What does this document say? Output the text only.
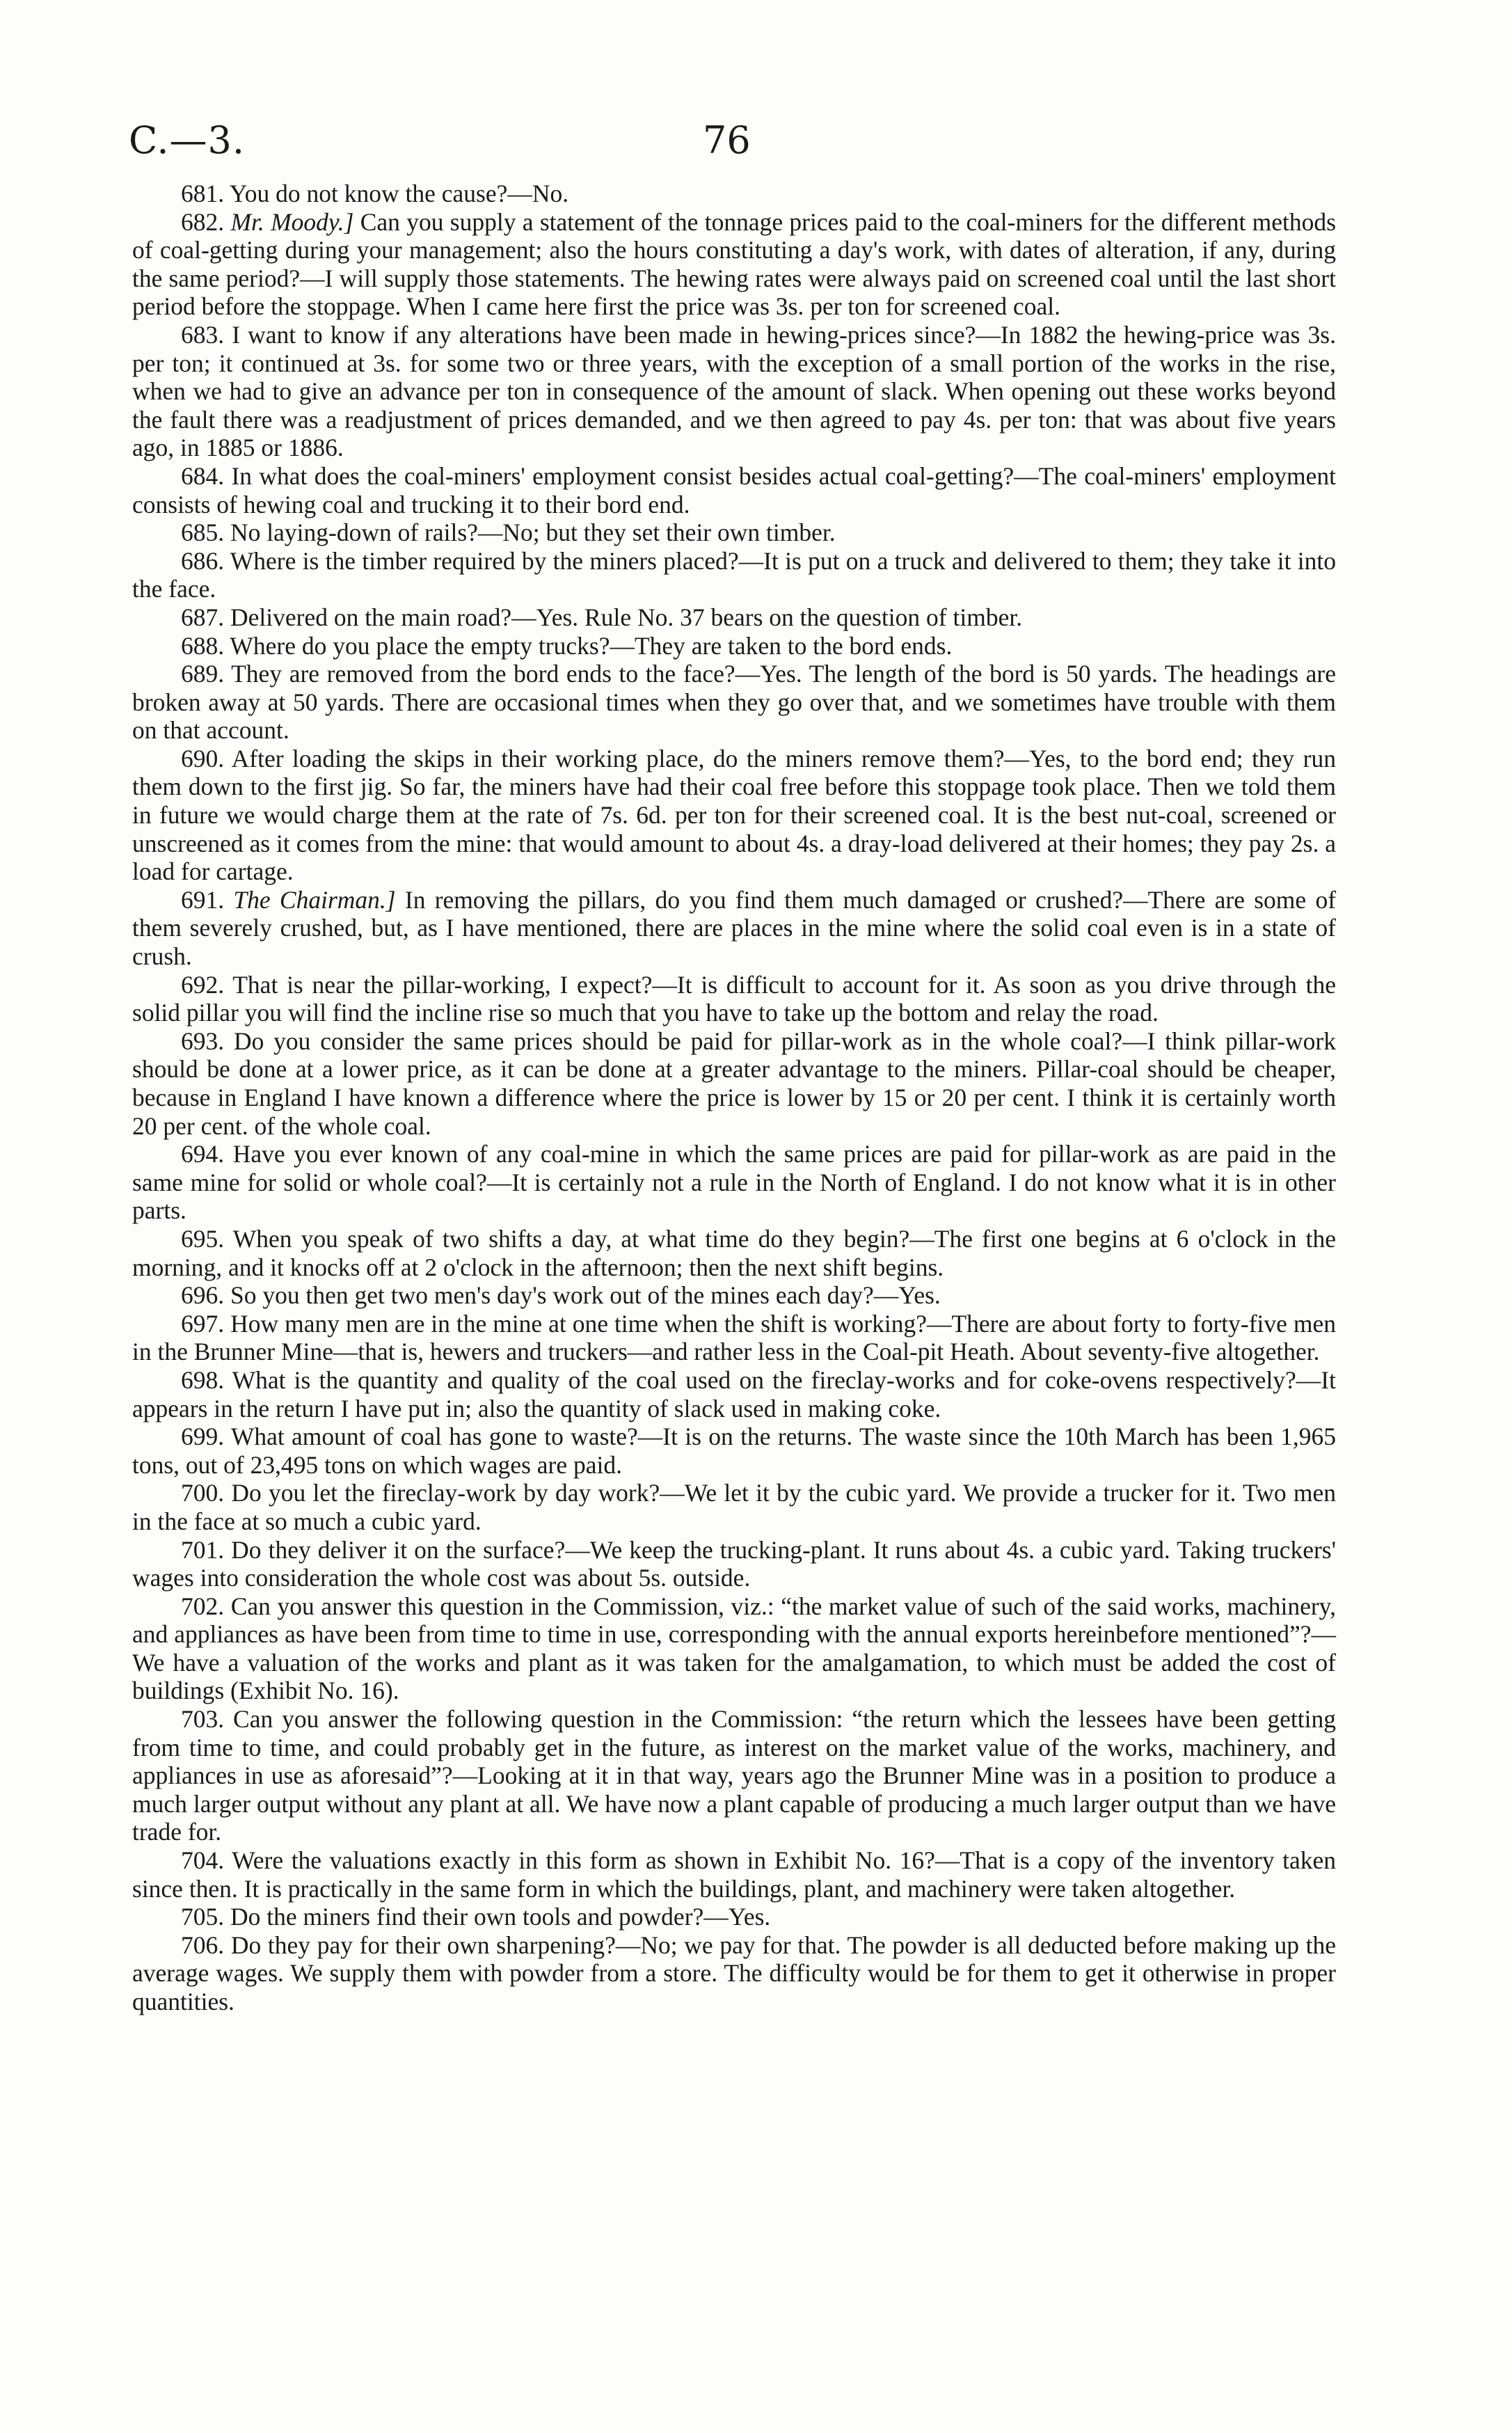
C.—3.	76

681. You do not know the cause?—No.

682. Mr. Moody.] Can you supply a statement of the tonnage prices paid to the coal-miners for the different methods of coal-getting during your management; also the hours constituting a day's work, with dates of alteration, if any, during the same period?—I will supply those statements. The hewing rates were always paid on screened coal until the last short period before the stoppage. When I came here first the price was 3s. per ton for screened coal.

683. I want to know if any alterations have been made in hewing-prices since?—In 1882 the hewing-price was 3s. per ton; it continued at 3s. for some two or three years, with the exception of a small portion of the works in the rise, when we had to give an advance per ton in consequence of the amount of slack. When opening out these works beyond the fault there was a readjustment of prices demanded, and we then agreed to pay 4s. per ton: that was about five years ago, in 1885 or 1886.

684. In what does the coal-miners' employment consist besides actual coal-getting?—The coal-miners' employment consists of hewing coal and trucking it to their bord end.

685. No laying-down of rails?—No; but they set their own timber.

686. Where is the timber required by the miners placed?—It is put on a truck and delivered to them; they take it into the face.

687. Delivered on the main road?—Yes. Rule No. 37 bears on the question of timber.

688. Where do you place the empty trucks?—They are taken to the bord ends.

689. They are removed from the bord ends to the face?—Yes. The length of the bord is 50 yards. The headings are broken away at 50 yards. There are occasional times when they go over that, and we sometimes have trouble with them on that account.

690. After loading the skips in their working place, do the miners remove them?—Yes, to the bord end; they run them down to the first jig. So far, the miners have had their coal free before this stoppage took place. Then we told them in future we would charge them at the rate of 7s. 6d. per ton for their screened coal. It is the best nut-coal, screened or unscreened as it comes from the mine: that would amount to about 4s. a dray-load delivered at their homes; they pay 2s. a load for cartage.

691. The Chairman.] In removing the pillars, do you find them much damaged or crushed?—There are some of them severely crushed, but, as I have mentioned, there are places in the mine where the solid coal even is in a state of crush.

692. That is near the pillar-working, I expect?—It is difficult to account for it. As soon as you drive through the solid pillar you will find the incline rise so much that you have to take up the bottom and relay the road.

693. Do you consider the same prices should be paid for pillar-work as in the whole coal?—I think pillar-work should be done at a lower price, as it can be done at a greater advantage to the miners. Pillar-coal should be cheaper, because in England I have known a difference where the price is lower by 15 or 20 per cent. I think it is certainly worth 20 per cent. of the whole coal.

694. Have you ever known of any coal-mine in which the same prices are paid for pillar-work as are paid in the same mine for solid or whole coal?—It is certainly not a rule in the North of England. I do not know what it is in other parts.

695. When you speak of two shifts a day, at what time do they begin?—The first one begins at 6 o'clock in the morning, and it knocks off at 2 o'clock in the afternoon; then the next shift begins.

696. So you then get two men's day's work out of the mines each day?—Yes.

697. How many men are in the mine at one time when the shift is working?—There are about forty to forty-five men in the Brunner Mine—that is, hewers and truckers—and rather less in the Coal-pit Heath. About seventy-five altogether.

698. What is the quantity and quality of the coal used on the fireclay-works and for coke-ovens respectively?—It appears in the return I have put in; also the quantity of slack used in making coke.

699. What amount of coal has gone to waste?—It is on the returns. The waste since the 10th March has been 1,965 tons, out of 23,495 tons on which wages are paid.

700. Do you let the fireclay-work by day work?—We let it by the cubic yard. We provide a trucker for it. Two men in the face at so much a cubic yard.

701. Do they deliver it on the surface?—We keep the trucking-plant. It runs about 4s. a cubic yard. Taking truckers' wages into consideration the whole cost was about 5s. outside.

702. Can you answer this question in the Commission, viz.: “the market value of such of the said works, machinery, and appliances as have been from time to time in use, corresponding with the annual exports hereinbefore mentioned”?—We have a valuation of the works and plant as it was taken for the amalgamation, to which must be added the cost of buildings (Exhibit No. 16).

703. Can you answer the following question in the Commission: “the return which the lessees have been getting from time to time, and could probably get in the future, as interest on the market value of the works, machinery, and appliances in use as aforesaid”?—Looking at it in that way, years ago the Brunner Mine was in a position to produce a much larger output without any plant at all. We have now a plant capable of producing a much larger output than we have trade for.

704. Were the valuations exactly in this form as shown in Exhibit No. 16?—That is a copy of the inventory taken since then. It is practically in the same form in which the buildings, plant, and machinery were taken altogether.

705. Do the miners find their own tools and powder?—Yes.

706. Do they pay for their own sharpening?—No; we pay for that. The powder is all deducted before making up the average wages. We supply them with powder from a store. The difficulty would be for them to get it otherwise in proper quantities.
